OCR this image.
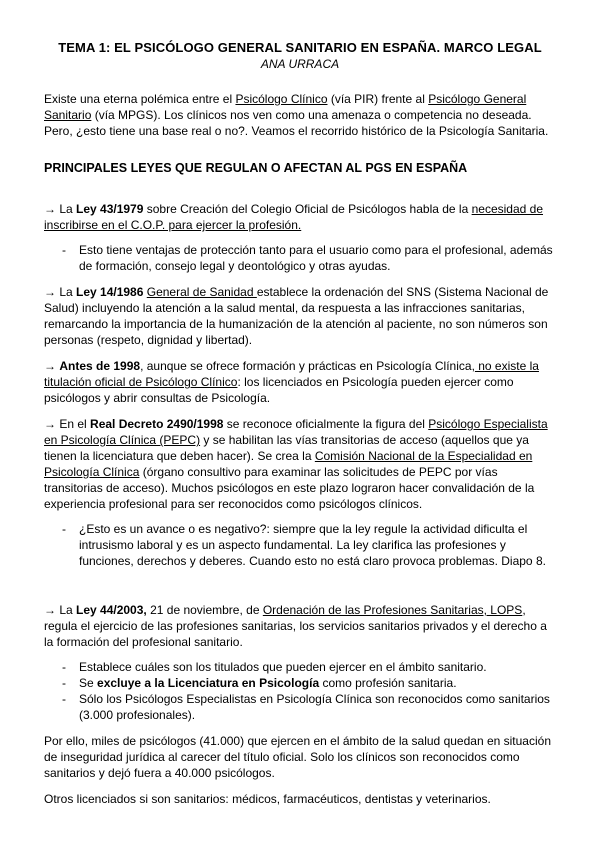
TEMA 1: EL PSICÓLOGO GENERAL SANITARIO EN ESPAÑA. MARCO LEGAL

ANA URRACA

Existe una eterna polémica entre el Psicólogo Clínico (vía PIR) frente al Psicólogo General Sanitario (vía MPGS). Los clínicos nos ven como una amenaza o competencia no deseada. Pero, ¿esto tiene una base real o no?. Veamos el recorrido histórico de la Psicología Sanitaria.

PRINCIPALES LEYES QUE REGULAN O AFECTAN AL PGS EN ESPAÑA

→ La Ley 43/1979 sobre Creación del Colegio Oficial de Psicólogos habla de la necesidad de inscribirse en el C.O.P. para ejercer la profesión.

- Esto tiene ventajas de protección tanto para el usuario como para el profesional, además de formación, consejo legal y deontológico y otras ayudas.

→ La Ley 14/1986 General de Sanidad establece la ordenación del SNS (Sistema Nacional de Salud) incluyendo la atención a la salud mental, da respuesta a las infracciones sanitarias, remarcando la importancia de la humanización de la atención al paciente, no son números son personas (respeto, dignidad y libertad).

→ Antes de 1998, aunque se ofrece formación y prácticas en Psicología Clínica, no existe la titulación oficial de Psicólogo Clínico: los licenciados en Psicología pueden ejercer como psicólogos y abrir consultas de Psicología.

→ En el Real Decreto 2490/1998 se reconoce oficialmente la figura del Psicólogo Especialista en Psicología Clínica (PEPC) y se habilitan las vías transitorias de acceso (aquellos que ya tienen la licenciatura que deben hacer). Se crea la Comisión Nacional de la Especialidad en Psicología Clínica (órgano consultivo para examinar las solicitudes de PEPC por vías transitorias de acceso). Muchos psicólogos en este plazo lograron hacer convalidación de la experiencia profesional para ser reconocidos como psicólogos clínicos.

- ¿Esto es un avance o es negativo?: siempre que la ley regule la actividad dificulta el intrusismo laboral y es un aspecto fundamental. La ley clarifica las profesiones y funciones, derechos y deberes. Cuando esto no está claro provoca problemas. Diapo 8.

→ La Ley 44/2003, 21 de noviembre, de Ordenación de las Profesiones Sanitarias, LOPS, regula el ejercicio de las profesiones sanitarias, los servicios sanitarios privados y el derecho a la formación del profesional sanitario.

- Establece cuáles son los titulados que pueden ejercer en el ámbito sanitario.
- Se excluye a la Licenciatura en Psicología como profesión sanitaria.
- Sólo los Psicólogos Especialistas en Psicología Clínica son reconocidos como sanitarios (3.000 profesionales).

Por ello, miles de psicólogos (41.000) que ejercen en el ámbito de la salud quedan en situación de inseguridad jurídica al carecer del título oficial. Solo los clínicos son reconocidos como sanitarios y dejó fuera a 40.000 psicólogos.

Otros licenciados si son sanitarios: médicos, farmacéuticos, dentistas y veterinarios.
